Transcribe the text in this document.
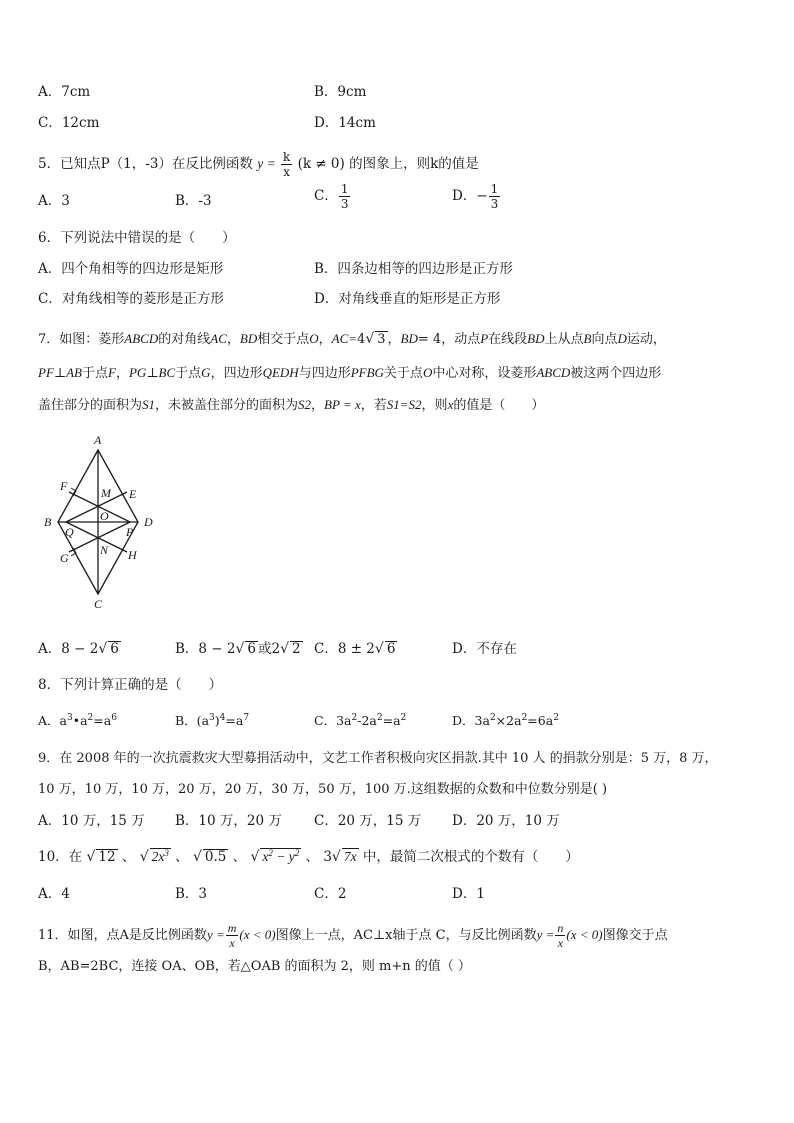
A．7cm	B．9cm
C．12cm	D．14cm
5．已知点P（1，-3）在反比例函数 $y = \frac{k}{x} (k \ne 0)$ 的图象上，则k的值是
A．3	B．-3	C． $\frac{1}{3}$	D．− $\frac{1}{3}$
6．下列说法中错误的是（　　）
A．四个角相等的四边形是矩形	B．四条边相等的四边形是正方形
C．对角线相等的菱形是正方形	D．对角线垂直的矩形是正方形
7．如图：菱形ABCD的对角线AC，BD相交于点O，AC=4√ 3 ，BD= 4，动点P在线段BD上从点B向点D运动，
PF⊥AB于点F，PG⊥BC于点G，四边形QEDH与四边形PFBG关于点O中心对称，设菱形ABCD被这两个四边形
盖住部分的面积为S1，未被盖住部分的面积为S2，BP = x，若S1=S2，则x的值是（　　）
A
B
C
D
E
F
G	H
M
N
O
P
Q
A．8 − 2√ 6	B．8 − 2√ 6 或2√ 2 C．8 ± 2√ 6	D．不存在
8．下列计算正确的是（　　）
A．$a^3•a^2=a^6$	B．$(a^3)^4=a^7$	C．$3a^2-2a^2=a^2$	D．$3a^2\times 2a^2=6a^2$
9．在 2008 年的一次抗震救灾大型募捐活动中，文艺工作者积极向灾区捐款.其中 10 人 的捐款分别是：5 万，8 万，
10 万，10 万，10 万，20 万，20 万，30 万，50 万，100 万.这组数据的众数和中位数分别是( )
A．10 万，15 万 B．10 万，20 万 C．20 万，15 万 D．20 万，10 万
10．在 √ 12 、 √ $2x^3$ 、 √ 0.5 、 √ $x^2 - y^2$ 、 3√ 7x 中，最简二次根式的个数有（　　）
A．4	B．3	C．2	D．1
11．如图，点A是反比例函数$y = \frac{m}{x} (x < 0)$图像上一点，AC⊥x轴于点 C，与反比例函数$y = \frac{n}{x} (x < 0)$图像交于点
B，AB=2BC，连接 OA、OB，若△OAB 的面积为 2，则 m+n 的值（ ）
